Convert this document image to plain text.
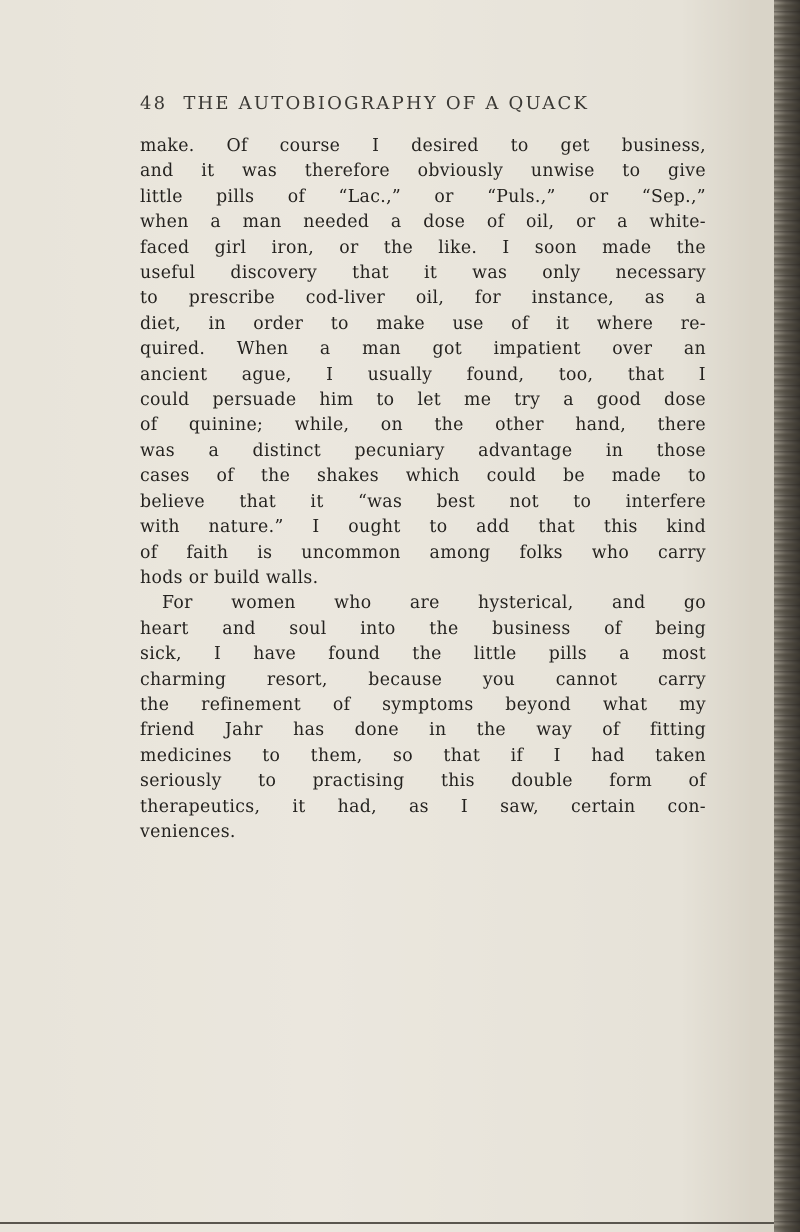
48 THE AUTOBIOGRAPHY OF A QUACK

make. Of course I desired to get business,
and it was therefore obviously unwise to give
little pills of “Lac.,” or “Puls.,” or “Sep.,”
when a man needed a dose of oil, or a white-
faced girl iron, or the like. I soon made the
useful discovery that it was only necessary
to prescribe cod-liver oil, for instance, as a
diet, in order to make use of it where re-
quired. When a man got impatient over an
ancient ague, I usually found, too, that I
could persuade him to let me try a good dose
of quinine; while, on the other hand, there
was a distinct pecuniary advantage in those
cases of the shakes which could be made to
believe that it “was best not to interfere
with nature.” I ought to add that this kind
of faith is uncommon among folks who carry
hods or build walls.
For women who are hysterical, and go
heart and soul into the business of being
sick, I have found the little pills a most
charming resort, because you cannot carry
the refinement of symptoms beyond what my
friend Jahr has done in the way of fitting
medicines to them, so that if I had taken
seriously to practising this double form of
therapeutics, it had, as I saw, certain con-
veniences.
